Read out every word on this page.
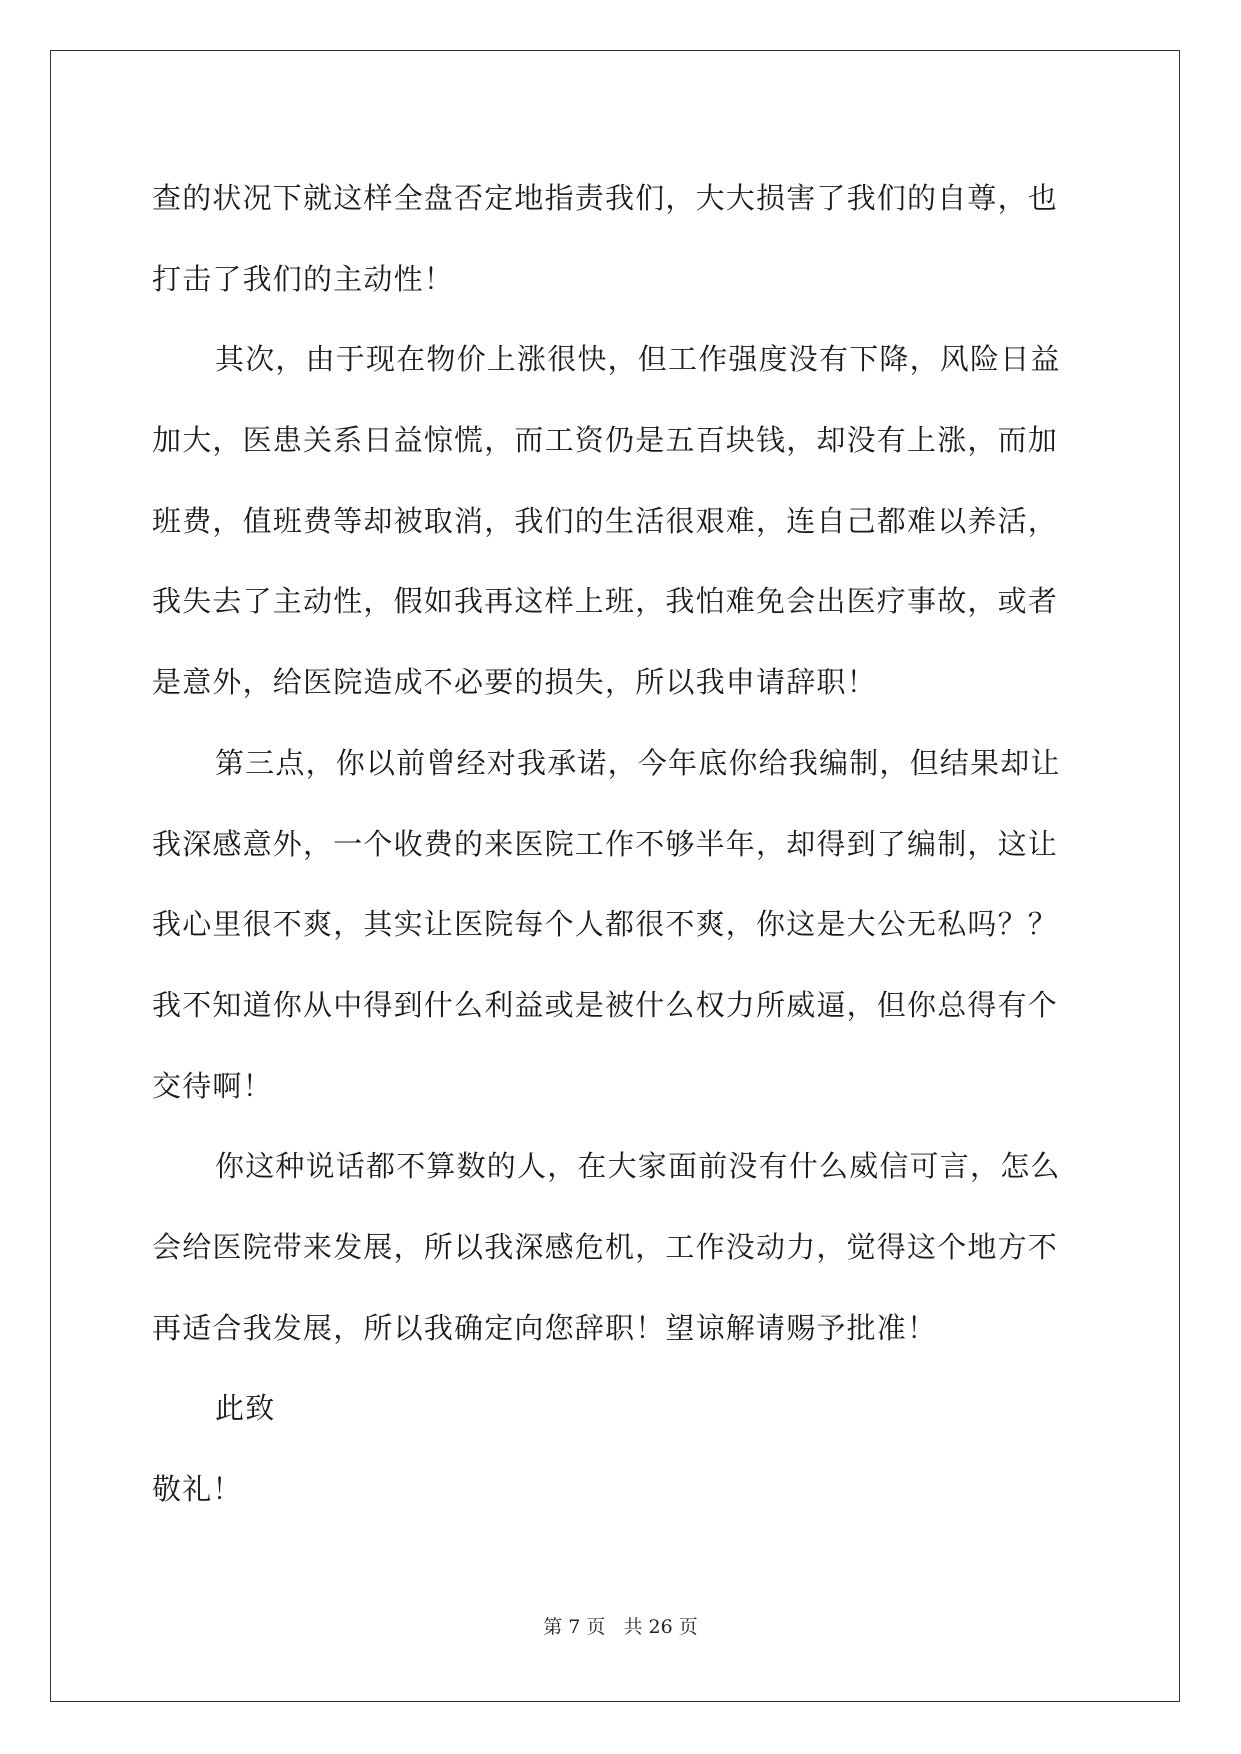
查的状况下就这样全盘否定地指责我们，大大损害了我们的自尊，也
打击了我们的主动性！
其次，由于现在物价上涨很快，但工作强度没有下降，风险日益
加大，医患关系日益惊慌，而工资仍是五百块钱，却没有上涨，而加
班费，值班费等却被取消，我们的生活很艰难，连自己都难以养活，
我失去了主动性，假如我再这样上班，我怕难免会出医疗事故，或者
是意外，给医院造成不必要的损失，所以我申请辞职！
第三点，你以前曾经对我承诺，今年底你给我编制，但结果却让
我深感意外，一个收费的来医院工作不够半年，却得到了编制，这让
我心里很不爽，其实让医院每个人都很不爽，你这是大公无私吗？？
我不知道你从中得到什么利益或是被什么权力所威逼，但你总得有个
交待啊！
你这种说话都不算数的人，在大家面前没有什么威信可言，怎么
会给医院带来发展，所以我深感危机，工作没动力，觉得这个地方不
再适合我发展，所以我确定向您辞职！望谅解请赐予批准！
此致
敬礼！
第 7 页 共 26 页
